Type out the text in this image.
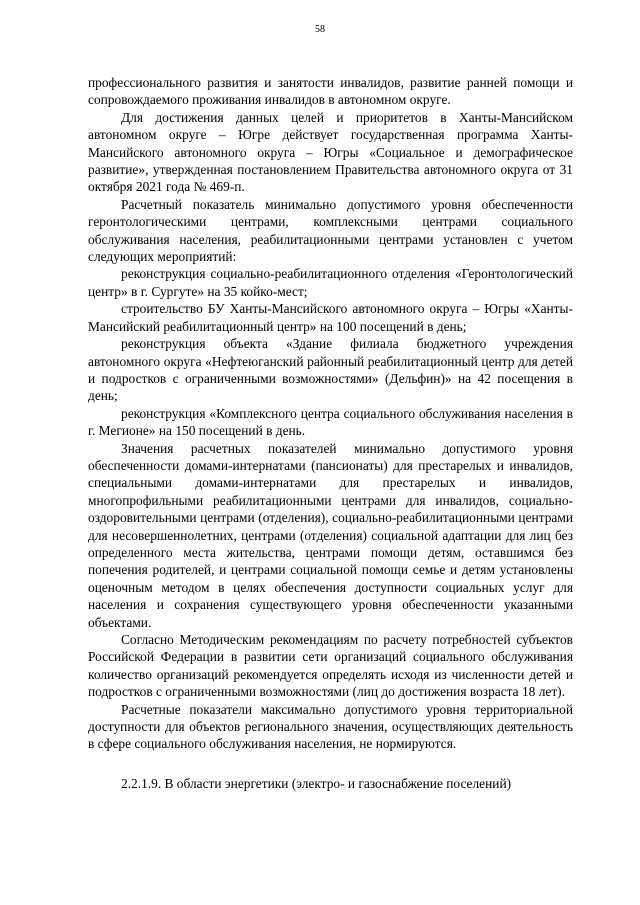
58

профессионального развития и занятости инвалидов, развитие ранней помощи и сопровождаемого проживания инвалидов в автономном округе.

Для достижения данных целей и приоритетов в Ханты-Мансийском автономном округе – Югре действует государственная программа Ханты-Мансийского автономного округа – Югры «Социальное и демографическое развитие», утвержденная постановлением Правительства автономного округа от 31 октября 2021 года № 469-п.

Расчетный показатель минимально допустимого уровня обеспеченности геронтологическими центрами, комплексными центрами социального обслуживания населения, реабилитационными центрами установлен с учетом следующих мероприятий:

реконструкция социально-реабилитационного отделения «Геронтологический центр» в г. Сургуте» на 35 койко-мест;

строительство БУ Ханты-Мансийского автономного округа – Югры «Ханты-Мансийский реабилитационный центр» на 100 посещений в день;

реконструкция объекта «Здание филиала бюджетного учреждения автономного округа «Нефтеюганский районный реабилитационный центр для детей и подростков с ограниченными возможностями» (Дельфин)» на 42 посещения в день;

реконструкция «Комплексного центра социального обслуживания населения в г. Мегионе» на 150 посещений в день.

Значения расчетных показателей минимально допустимого уровня обеспеченности домами-интернатами (пансионаты) для престарелых и инвалидов, специальными домами-интернатами для престарелых и инвалидов, многопрофильными реабилитационными центрами для инвалидов, социально-оздоровительными центрами (отделения), социально-реабилитационными центрами для несовершеннолетних, центрами (отделения) социальной адаптации для лиц без определенного места жительства, центрами помощи детям, оставшимся без попечения родителей, и центрами социальной помощи семье и детям установлены оценочным методом в целях обеспечения доступности социальных услуг для населения и сохранения существующего уровня обеспеченности указанными объектами.

Согласно Методическим рекомендациям по расчету потребностей субъектов Российской Федерации в развитии сети организаций социального обслуживания количество организаций рекомендуется определять исходя из численности детей и подростков с ограниченными возможностями (лиц до достижения возраста 18 лет).

Расчетные показатели максимально допустимого уровня территориальной доступности для объектов регионального значения, осуществляющих деятельность в сфере социального обслуживания населения, не нормируются.

2.2.1.9. В области энергетики (электро- и газоснабжение поселений)
